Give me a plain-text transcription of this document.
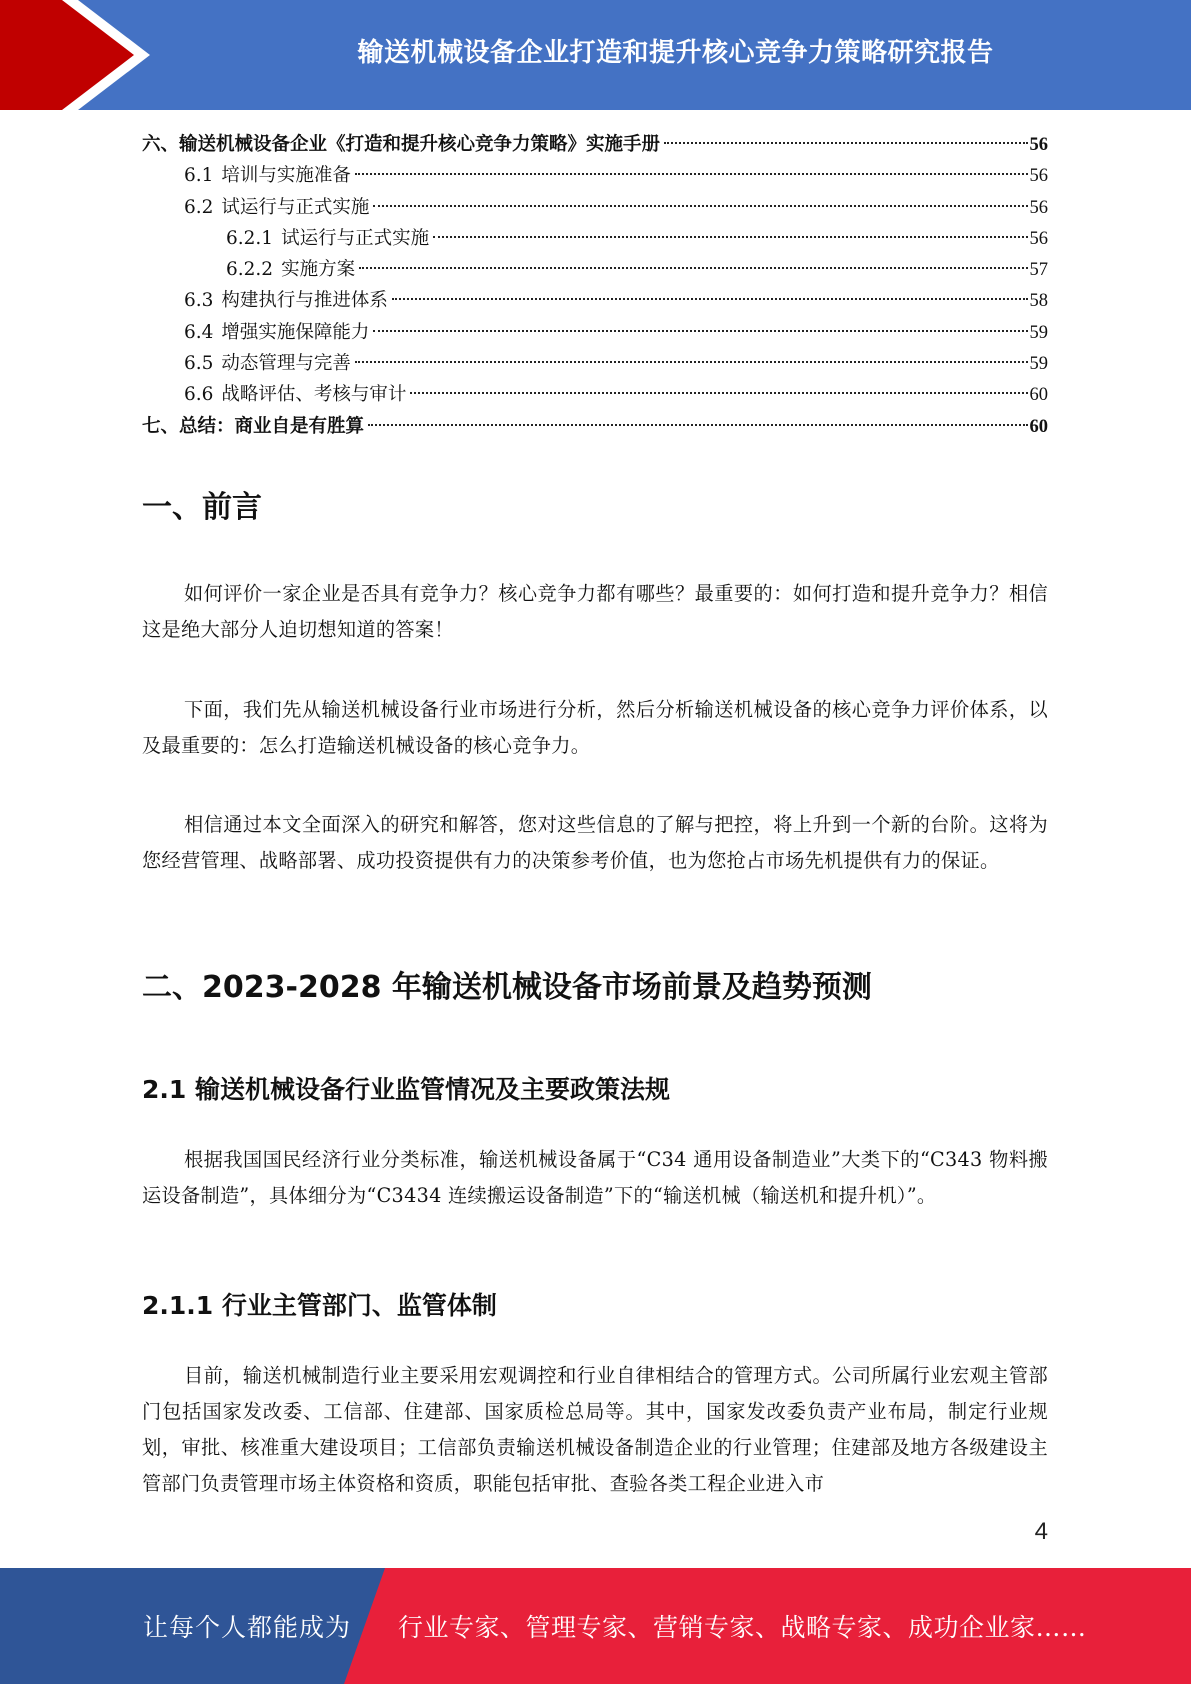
输送机械设备企业打造和提升核心竞争力策略研究报告
六、输送机械设备企业《打造和提升核心竞争力策略》实施手册	56
6.1 培训与实施准备	56
6.2 试运行与正式实施	56
6.2.1 试运行与正式实施	56
6.2.2 实施方案	57
6.3 构建执行与推进体系	58
6.4 增强实施保障能力	59
6.5 动态管理与完善	59
6.6 战略评估、考核与审计	60
七、总结：商业自是有胜算	60
一、前言

如何评价一家企业是否具有竞争力？核心竞争力都有哪些？最重要的：如何打造和提升竞争力？相信这是绝大部分人迫切想知道的答案！

下面，我们先从输送机械设备行业市场进行分析，然后分析输送机械设备的核心竞争力评价体系，以及最重要的：怎么打造输送机械设备的核心竞争力。

相信通过本文全面深入的研究和解答，您对这些信息的了解与把控，将上升到一个新的台阶。这将为您经营管理、战略部署、成功投资提供有力的决策参考价值，也为您抢占市场先机提供有力的保证。

二、2023-2028 年输送机械设备市场前景及趋势预测
2.1 输送机械设备行业监管情况及主要政策法规

根据我国国民经济行业分类标准，输送机械设备属于“C34 通用设备制造业”大类下的“C343 物料搬运设备制造”，具体细分为“C3434 连续搬运设备制造”下的“输送机械（输送机和提升机）”。

2.1.1 行业主管部门、监管体制

目前，输送机械制造行业主要采用宏观调控和行业自律相结合的管理方式。公司所属行业宏观主管部门包括国家发改委、工信部、住建部、国家质检总局等。其中，国家发改委负责产业布局，制定行业规划，审批、核准重大建设项目；工信部负责输送机械设备制造企业的行业管理；住建部及地方各级建设主管部门负责管理市场主体资格和资质，职能包括审批、查验各类工程企业进入市

4
让每个人都能成为 行业专家、管理专家、营销专家、战略专家、成功企业家……
